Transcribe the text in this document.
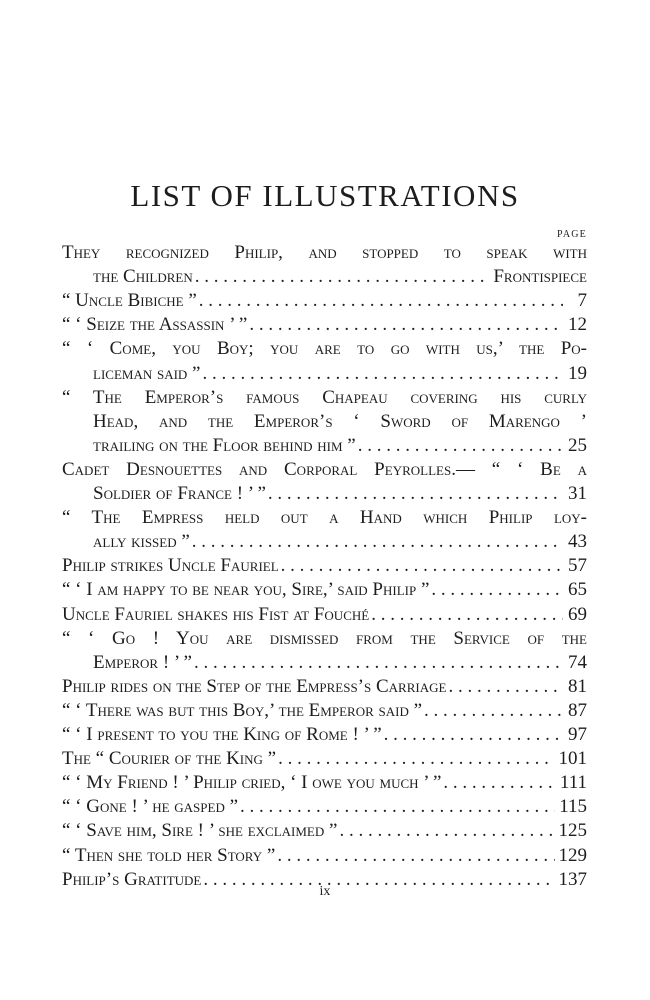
LIST OF ILLUSTRATIONS
PAGE
They recognized Philip, and stopped to speak with
the Children . . .	Frontispiece
“ Uncle Bibiche ” . . .	7
“ ‘ Seize the Assassin ’ ” . . .	12
“ ‘ Come, you Boy; you are to go with us,’ the Po-
liceman said ” . . .	19
“ The Emperor’s famous Chapeau covering his curly
Head, and the Emperor’s ‘ Sword of Marengo ’
trailing on the Floor behind him ” . . .	25
Cadet Desnouettes and Corporal Peyrolles.— “ ‘ Be a
Soldier of France ! ’ ” . . .	31
“ The Empress held out a Hand which Philip loy-
ally kissed ” . . .	43
Philip strikes Uncle Fauriel . . .	57
“ ‘ I am happy to be near you, Sire,’ said Philip ” . . .	65
Uncle Fauriel shakes his Fist at Fouché . . .	69
“ ‘ Go ! You are dismissed from the Service of the
Emperor ! ’ ” . . .	74
Philip rides on the Step of the Empress’s Carriage . . .	81
“ ‘ There was but this Boy,’ the Emperor said ” . . .	87
“ ‘ I present to you the King of Rome ! ’ ” . . .	97
The “ Courier of the King ” . . .	101
“ ‘ My Friend ! ’ Philip cried, ‘ I owe you much ’ ” . . .	111
“ ‘ Gone ! ’ he gasped ” . . .	115
“ ‘ Save him, Sire ! ’ she exclaimed ” . . .	125
“ Then she told her Story ” . . .	129
Philip’s Gratitude . . .	137
ix
